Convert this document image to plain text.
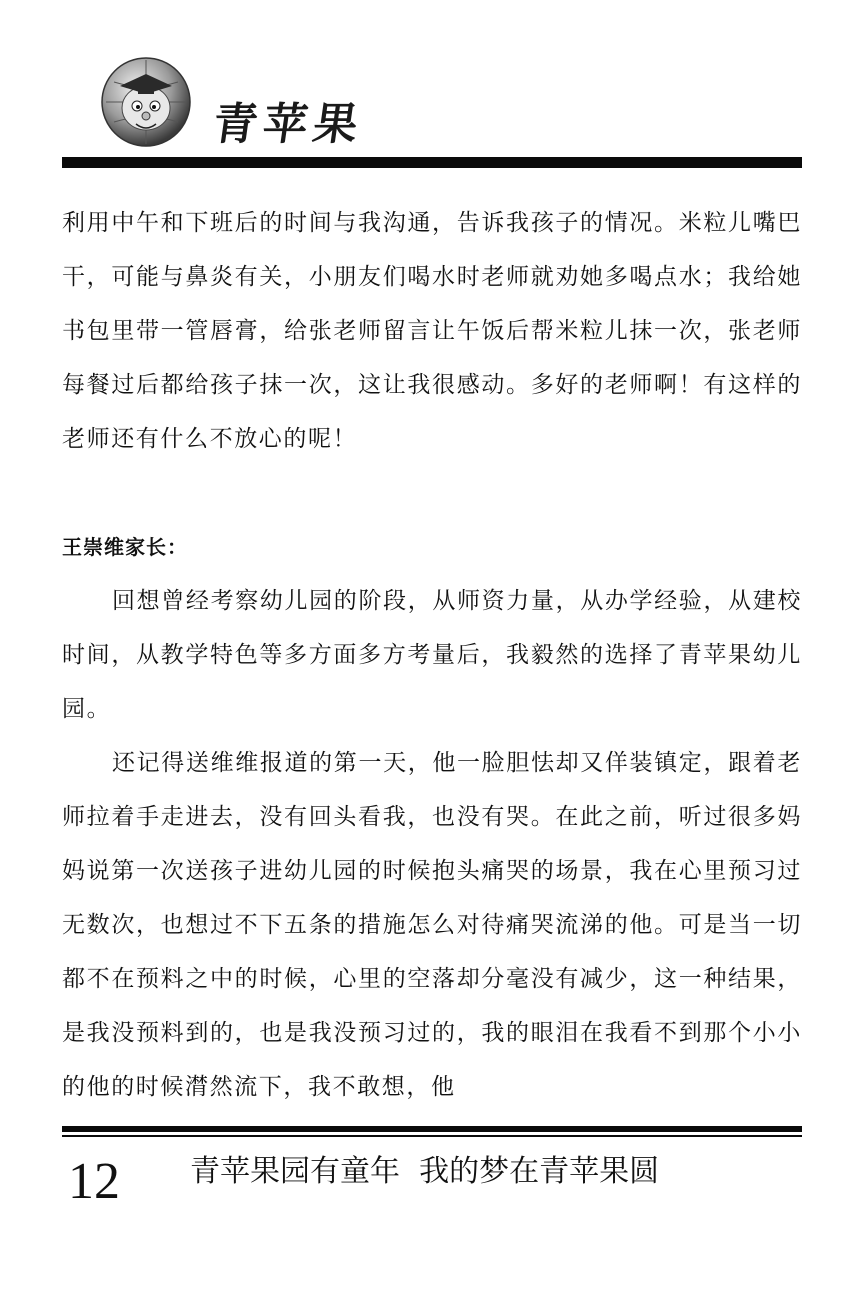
青苹果

利用中午和下班后的时间与我沟通，告诉我孩子的情况。米粒儿嘴巴干，可能与鼻炎有关，小朋友们喝水时老师就劝她多喝点水；我给她书包里带一管唇膏，给张老师留言让午饭后帮米粒儿抹一次，张老师每餐过后都给孩子抹一次，这让我很感动。多好的老师啊！有这样的老师还有什么不放心的呢！

王崇维家长：

回想曾经考察幼儿园的阶段，从师资力量，从办学经验，从建校时间，从教学特色等多方面多方考量后，我毅然的选择了青苹果幼儿园。

还记得送维维报道的第一天，他一脸胆怯却又佯装镇定，跟着老师拉着手走进去，没有回头看我，也没有哭。在此之前，听过很多妈妈说第一次送孩子进幼儿园的时候抱头痛哭的场景，我在心里预习过无数次，也想过不下五条的措施怎么对待痛哭流涕的他。可是当一切都不在预料之中的时候，心里的空落却分毫没有减少，这一种结果，是我没预料到的，也是我没预习过的，我的眼泪在我看不到那个小小的他的时候潸然流下，我不敢想，他

12 青苹果园有童年  我的梦在青苹果圆
